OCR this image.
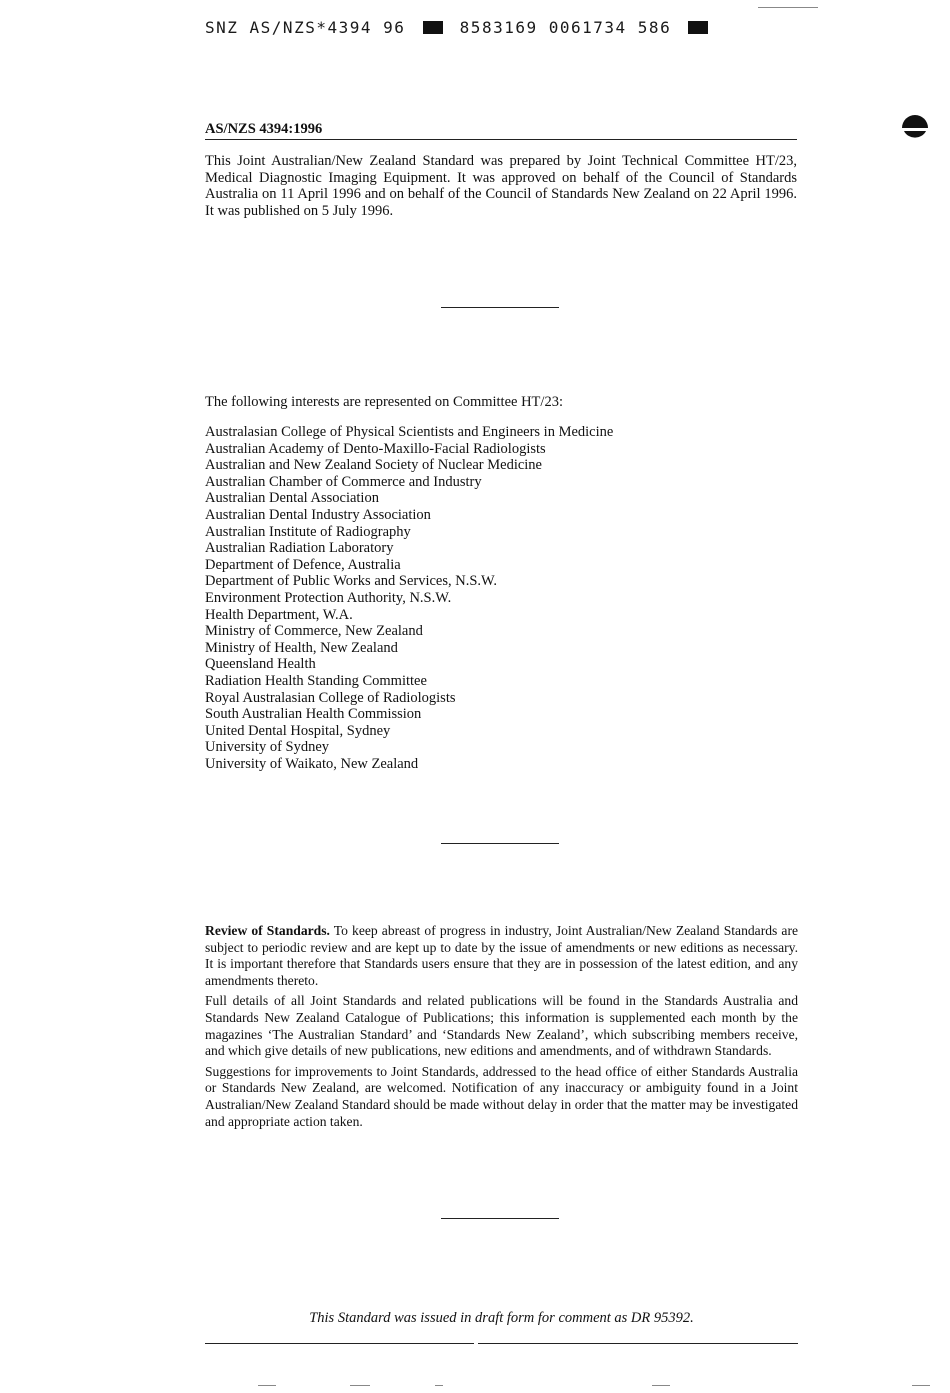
SNZ AS/NZS*4394 96	8583169 0061734 586
AS/NZS 4394:1996
This Joint Australian/New Zealand Standard was prepared by Joint Technical Committee HT/23, Medical Diagnostic Imaging Equipment. It was approved on behalf of the Council of Standards Australia on 11 April 1996 and on behalf of the Council of Standards New Zealand on 22 April 1996. It was published on 5 July 1996.
The following interests are represented on Committee HT/23:
Australasian College of Physical Scientists and Engineers in Medicine
Australian Academy of Dento-Maxillo-Facial Radiologists
Australian and New Zealand Society of Nuclear Medicine
Australian Chamber of Commerce and Industry
Australian Dental Association
Australian Dental Industry Association
Australian Institute of Radiography
Australian Radiation Laboratory
Department of Defence, Australia
Department of Public Works and Services, N.S.W.
Environment Protection Authority, N.S.W.
Health Department, W.A.
Ministry of Commerce, New Zealand
Ministry of Health, New Zealand
Queensland Health
Radiation Health Standing Committee
Royal Australasian College of Radiologists
South Australian Health Commission
United Dental Hospital, Sydney
University of Sydney
University of Waikato, New Zealand

Review of Standards. To keep abreast of progress in industry, Joint Australian/New Zealand Standards are subject to periodic review and are kept up to date by the issue of amendments or new editions as necessary. It is important therefore that Standards users ensure that they are in possession of the latest edition, and any amendments thereto.

Full details of all Joint Standards and related publications will be found in the Standards Australia and Standards New Zealand Catalogue of Publications; this information is supplemented each month by the magazines ‘The Australian Standard’ and ‘Standards New Zealand’, which subscribing members receive, and which give details of new publications, new editions and amendments, and of withdrawn Standards.

Suggestions for improvements to Joint Standards, addressed to the head office of either Standards Australia or Standards New Zealand, are welcomed. Notification of any inaccuracy or ambiguity found in a Joint Australian/New Zealand Standard should be made without delay in order that the matter may be investigated and appropriate action taken.

This Standard was issued in draft form for comment as DR 95392.
